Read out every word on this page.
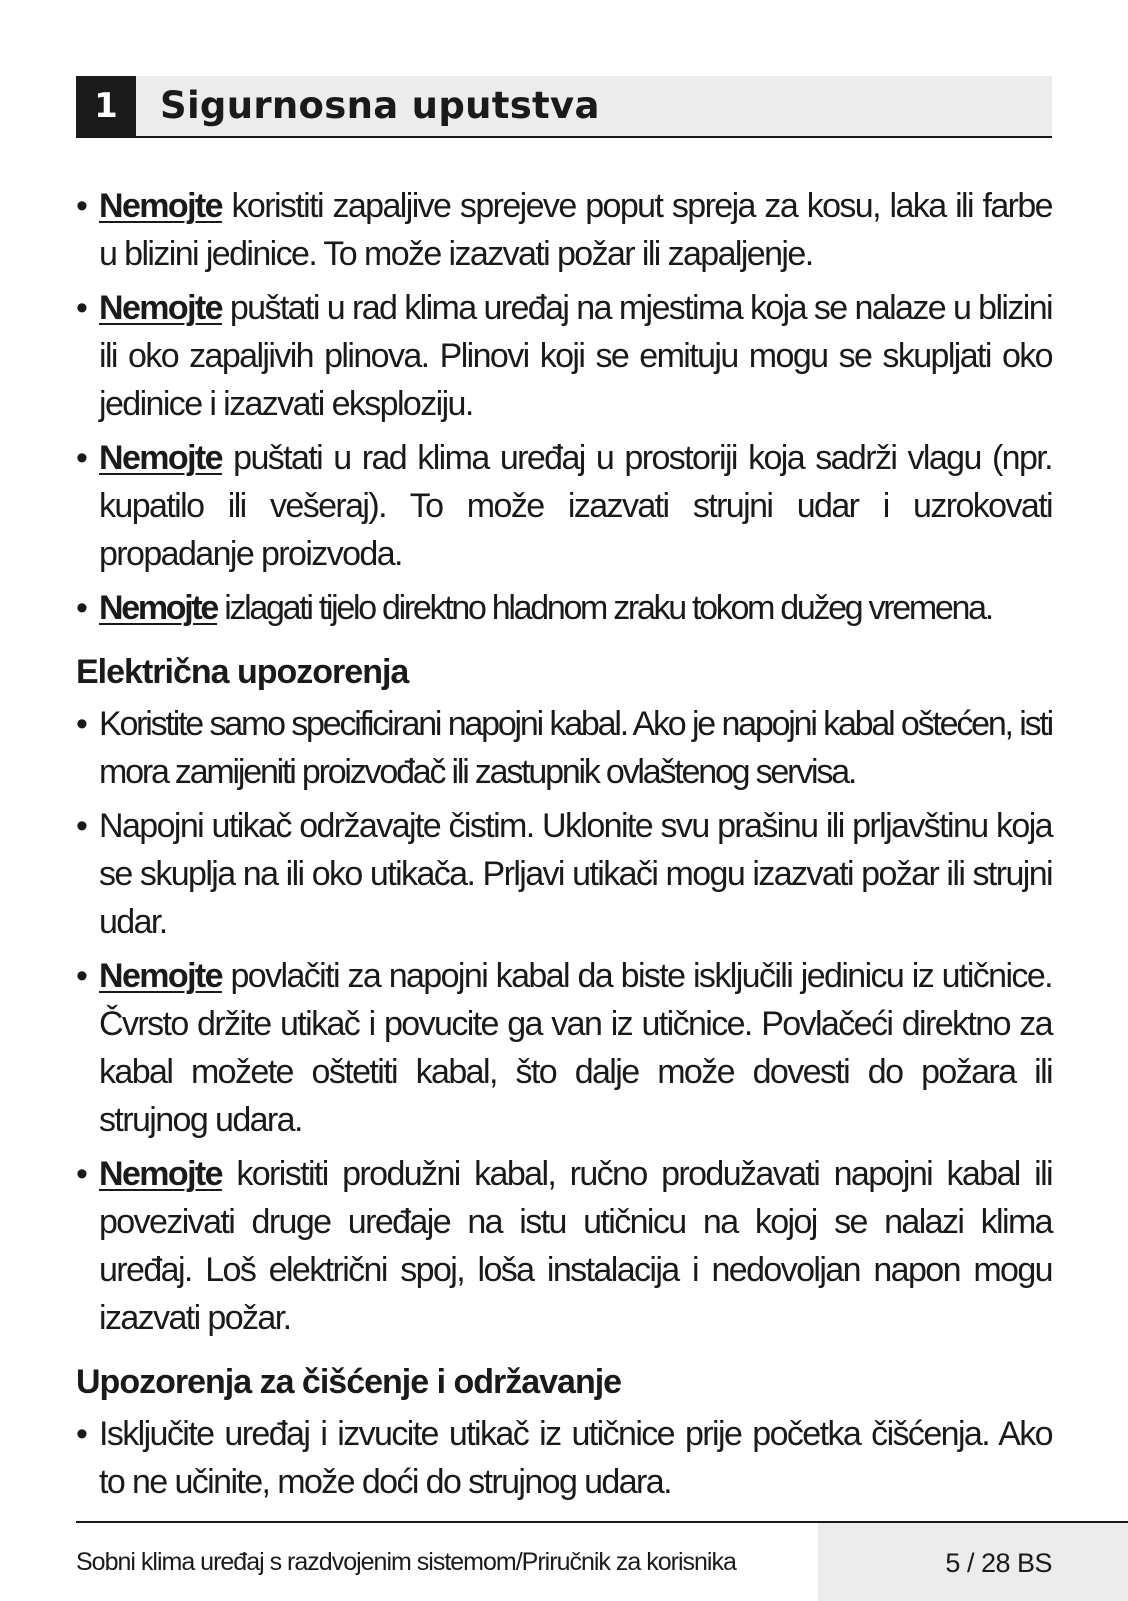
1	Sigurnosna uputstva

• Nemojte koristiti zapaljive sprejeve poput spreja za kosu, laka ili farbe u blizini jedinice. To može izazvati požar ili zapaljenje.

• Nemojte puštati u rad klima uređaj na mjestima koja se nalaze u blizini ili oko zapaljivih plinova. Plinovi koji se emituju mogu se skupljati oko jedinice i izazvati eksploziju.

• Nemojte puštati u rad klima uređaj u prostoriji koja sadrži vlagu (npr. kupatilo ili vešeraj). To može izazvati strujni udar i uzrokovati propadanje proizvoda.

• Nemojte izlagati tijelo direktno hladnom zraku tokom dužeg vremena.

Električna upozorenja

• Koristite samo specificirani napojni kabal. Ako je napojni kabal oštećen, isti mora zamijeniti proizvođač ili zastupnik ovlaštenog servisa.

• Napojni utikač održavajte čistim. Uklonite svu prašinu ili prljavštinu koja se skuplja na ili oko utikača. Prljavi utikači mogu izazvati požar ili strujni udar.

• Nemojte povlačiti za napojni kabal da biste isključili jedinicu iz utičnice. Čvrsto držite utikač i povucite ga van iz utičnice. Povlačeći direktno za kabal možete oštetiti kabal, što dalje može dovesti do požara ili strujnog udara.

• Nemojte koristiti produžni kabal, ručno produžavati napojni kabal ili povezivati druge uređaje na istu utičnicu na kojoj se nalazi klima uređaj. Loš električni spoj, loša instalacija i nedovoljan napon mogu izazvati požar.

Upozorenja za čišćenje i održavanje

• Isključite uređaj i izvucite utikač iz utičnice prije početka čišćenja. Ako to ne učinite, može doći do strujnog udara.

Sobni klima uređaj s razdvojenim sistemom/Priručnik za korisnika	5 / 28 BS
